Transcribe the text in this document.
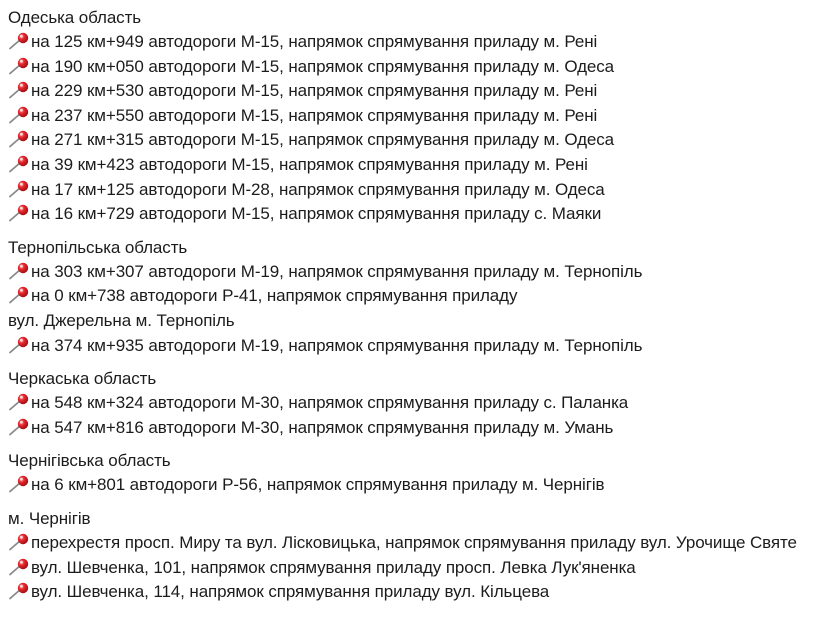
Одеська область
на 125 км+949 автодороги М-15, напрямок спрямування приладу м. Рені
на 190 км+050 автодороги М-15, напрямок спрямування приладу м. Одеса
на 229 км+530 автодороги М-15, напрямок спрямування приладу м. Рені
на 237 км+550 автодороги М-15, напрямок спрямування приладу м. Рені
на 271 км+315 автодороги М-15, напрямок спрямування приладу м. Одеса
на 39 км+423 автодороги М-15, напрямок спрямування приладу м. Рені
на 17 км+125 автодороги М-28, напрямок спрямування приладу м. Одеса
на 16 км+729 автодороги М-15, напрямок спрямування приладу с. Маяки
Тернопільська область
на 303 км+307 автодороги М-19, напрямок спрямування приладу м. Тернопіль
на 0 км+738 автодороги Р-41, напрямок спрямування приладу
вул. Джерельна м. Тернопіль
на 374 км+935 автодороги М-19, напрямок спрямування приладу м. Тернопіль
Черкаська область
на 548 км+324 автодороги М-30, напрямок спрямування приладу с. Паланка
на 547 км+816 автодороги М-30, напрямок спрямування приладу м. Умань
Чернігівська область
на 6 км+801 автодороги Р-56, напрямок спрямування приладу м. Чернігів
м. Чернігів
перехрестя просп. Миру та вул. Лісковицька, напрямок спрямування приладу вул. Урочище Святе
вул. Шевченка, 101, напрямок спрямування приладу просп. Левка Лук'яненка
вул. Шевченка, 114, напрямок спрямування приладу вул. Кільцева
